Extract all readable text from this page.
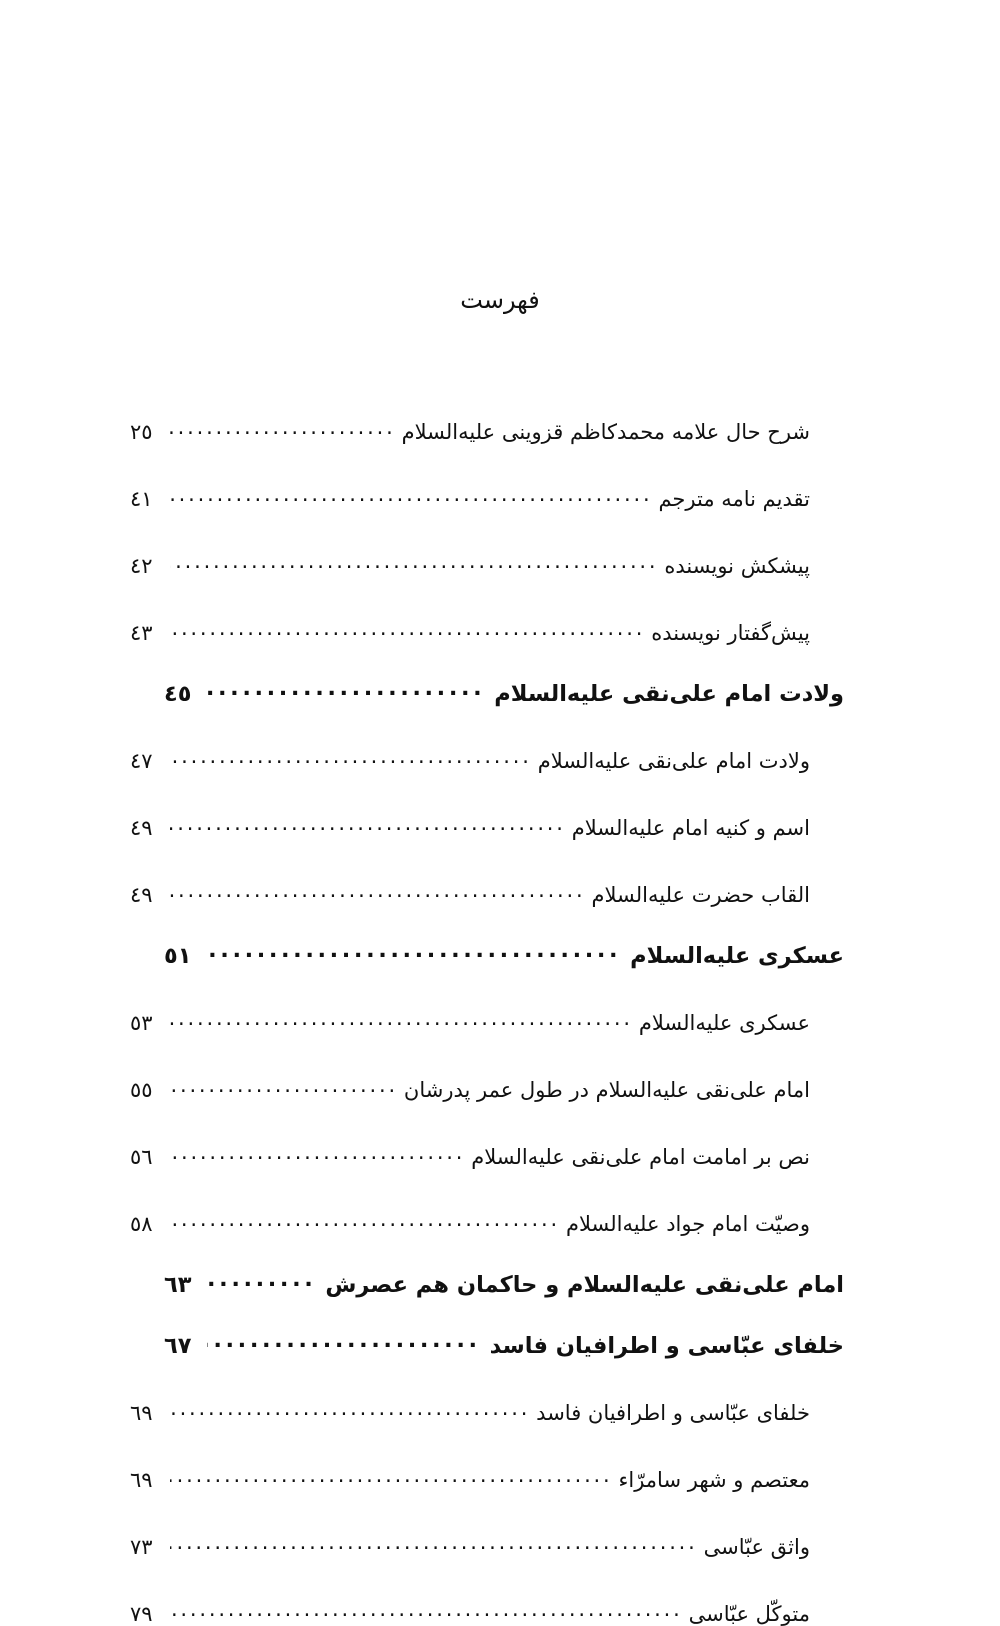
فهرست
شرح حال علامه محمدکاظم قزوینی علیه‌السلام
.....
٢٥
تقدیم نامه مترجم
.....
٤١
پیشکش نویسنده
.....
٤٢
پیش‌گفتار نویسنده
.....
٤٣
ولادت امام علی‌نقی علیه‌السلام
.....
٤٥
ولادت امام علی‌نقی علیه‌السلام
.....
٤٧
اسم و کنیه امام علیه‌السلام
.....
٤٩
القاب حضرت علیه‌السلام
.....
٤٩
عسکری علیه‌السلام
.....
٥١
عسکری علیه‌السلام
.....
٥٣
امام علی‌نقی علیه‌السلام در طول عمر پدرشان
.....
٥٥
نص بر امامت امام علی‌نقی علیه‌السلام
.....
٥٦
وصیّت امام جواد علیه‌السلام
.....
٥٨
امام علی‌نقی علیه‌السلام و حاکمان هم عصرش
.....
٦٣
خلفای عبّاسی و اطرافیان فاسد
.....
٦٧
خلفای عبّاسی و اطرافیان فاسد
.....
٦٩
معتصم و شهر سامرّاء
.....
٦٩
واثق عبّاسی
.....
٧٣
متوکّل عبّاسی
.....
٧٩
